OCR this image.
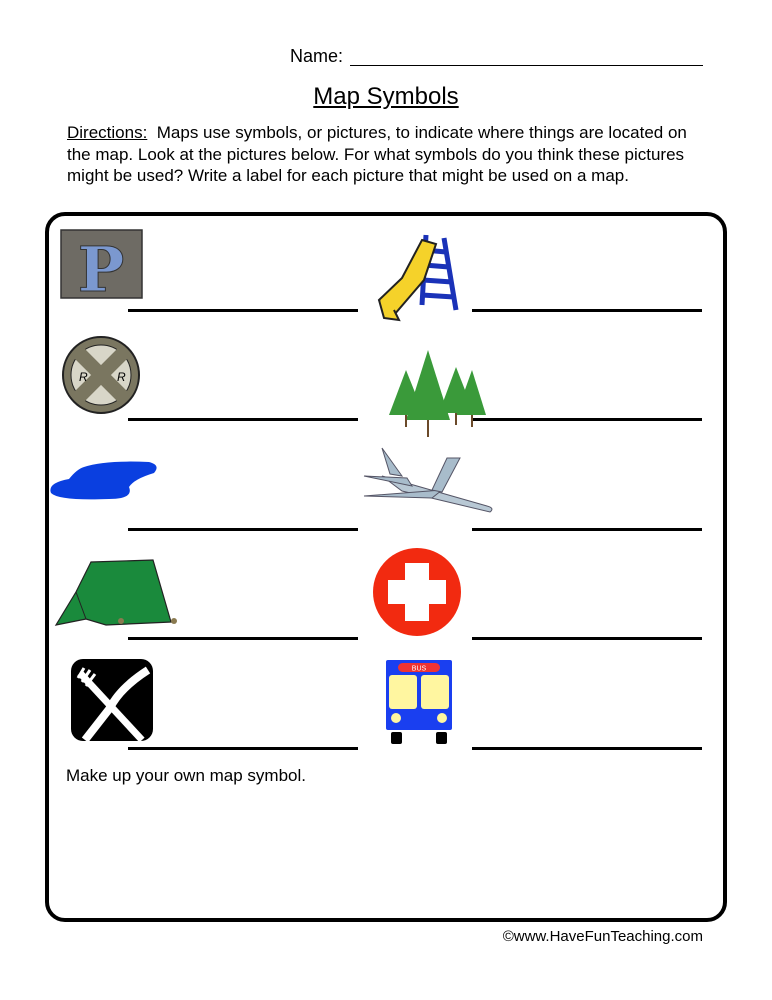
Name:
Map Symbols
Directions: Maps use symbols, or pictures, to indicate where things are located on the map. Look at the pictures below. For what symbols do you think these pictures might be used? Write a label for each picture that might be used on a map.
P
R R
BUS
Make up your own map symbol.
©www.HaveFunTeaching.com
